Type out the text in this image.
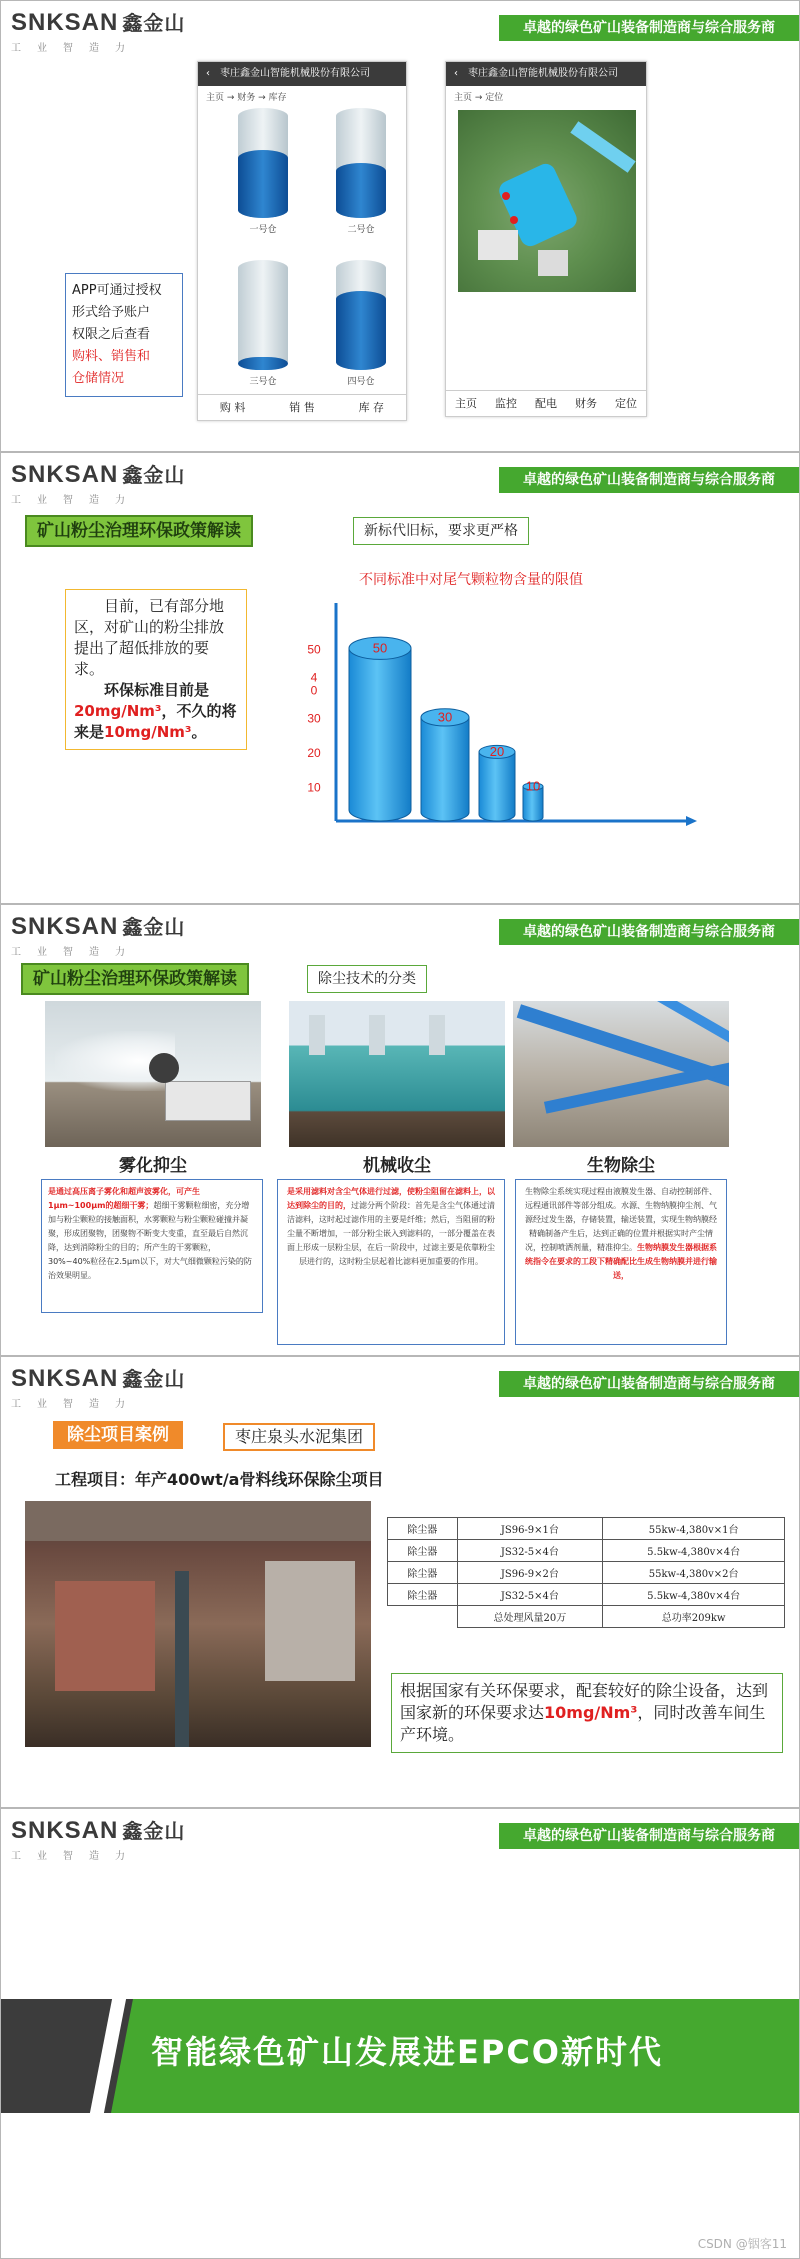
SNKSAN 鑫金山
工业智造力
卓越的绿色矿山装备制造商与综合服务商
‹ 枣庄鑫金山智能机械股份有限公司
主页 → 财务 → 库存
一号仓	二号仓
三号仓	四号仓
购 料	销 售	库 存
‹ 枣庄鑫金山智能机械股份有限公司
主页 → 定位
主页	监控	配电	财务	定位
APP可通过授权
形式给予账户
权限之后查看
购料、销售和
仓储情况
SNKSAN 鑫金山
工业智造力
卓越的绿色矿山装备制造商与综合服务商
矿山粉尘治理环保政策解读	新标代旧标，要求更严格
目前，已有部分地区，对矿山的粉尘排放提出了超低排放的要求。
环保标准目前是20mg/Nm³，不久的将来是10mg/Nm³。
不同标准中对尾气颗粒物含量的限值
50
4
0
30
20
10
50
30
20
10
SNKSAN 鑫金山
工业智造力
卓越的绿色矿山装备制造商与综合服务商
矿山粉尘治理环保政策解读	除尘技术的分类
雾化抑尘	机械收尘	生物除尘
是通过高压离子雾化和超声波雾化，可产生1μm~100μm的超细干雾；超细干雾颗粒细密，充分增加与粉尘颗粒的接触面积，水雾颗粒与粉尘颗粒碰撞并凝聚，形成团聚物，团聚物不断变大变重，直至最后自然沉降，达到消除粉尘的目的；所产生的干雾颗粒，30%~40%粒径在2.5μm以下，对大气细微颗粒污染的防治效果明显。
是采用滤料对含尘气体进行过滤，使粉尘阻留在滤料上，以达到除尘的目的，过滤分两个阶段：首先是含尘气体通过清洁滤料，这时起过滤作用的主要是纤维；然后，当阻留的粉尘量不断增加，一部分粉尘嵌入到滤料的，一部分覆盖在表面上形成一层粉尘层，在后一阶段中，过滤主要是依靠粉尘层进行的，这时粉尘层起着比滤料更加重要的作用。
生物除尘系统实现过程由液膜发生器、自动控制部件、远程通讯部件等部分组成。水源、生物纳膜抑尘剂、气源经过发生器，存储装置，输送装置，实现生物纳膜经精确制备产生后，达到正确的位置并根据实时产尘情况，控制喷洒剂量，精准抑尘。生物纳膜发生器根据系统指令在要求的工段下精确配比生成生物纳膜并进行输送，
SNKSAN 鑫金山
工业智造力
卓越的绿色矿山装备制造商与综合服务商
除尘项目案例	枣庄泉头水泥集团
工程项目：年产400wt/a骨料线环保除尘项目
除尘器	JS96-9×1台	55kw-4,380v×1台
除尘器	JS32-5×4台	5.5kw-4,380v×4台
除尘器	JS96-9×2台	55kw-4,380v×2台
除尘器	JS32-5×4台	5.5kw-4,380v×4台
	总处理风量20万	总功率209kw
根据国家有关环保要求，配套较好的除尘设备，达到国家新的环保要求达10mg/Nm³，同时改善车间生产环境。
SNKSAN 鑫金山
工业智造力
卓越的绿色矿山装备制造商与综合服务商
智能绿色矿山发展进EPCO新时代
CSDN @铟客11
